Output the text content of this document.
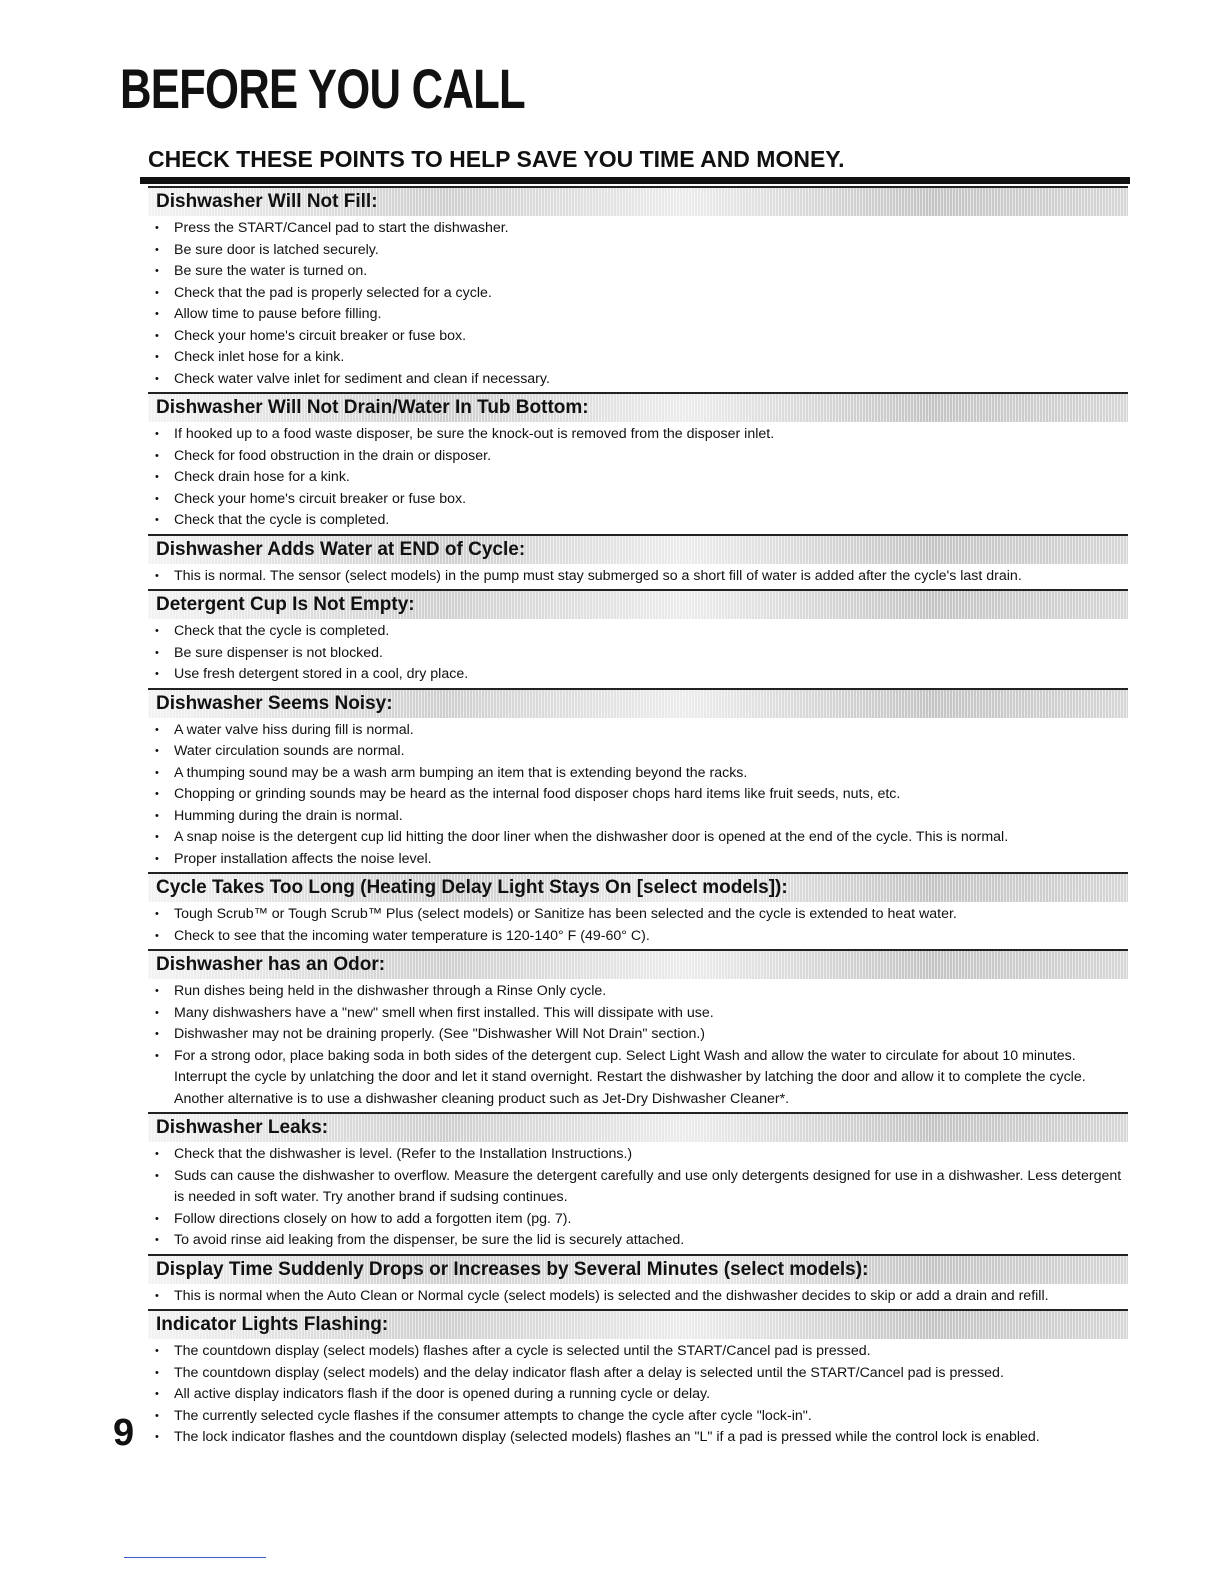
BEFORE YOU CALL
CHECK THESE POINTS TO HELP SAVE YOU TIME AND MONEY.
Dishwasher Will Not Fill:
• Press the START/Cancel pad to start the dishwasher.
• Be sure door is latched securely.
• Be sure the water is turned on.
• Check that the pad is properly selected for a cycle.
• Allow time to pause before filling.
• Check your home's circuit breaker or fuse box.
• Check inlet hose for a kink.
• Check water valve inlet for sediment and clean if necessary.
Dishwasher Will Not Drain/Water In Tub Bottom:
• If hooked up to a food waste disposer, be sure the knock-out is removed from the disposer inlet.
• Check for food obstruction in the drain or disposer.
• Check drain hose for a kink.
• Check your home's circuit breaker or fuse box.
• Check that the cycle is completed.
Dishwasher Adds Water at END of Cycle:
• This is normal. The sensor (select models) in the pump must stay submerged so a short fill of water is added after the cycle's last drain.
Detergent Cup Is Not Empty:
• Check that the cycle is completed.
• Be sure dispenser is not blocked.
• Use fresh detergent stored in a cool, dry place.
Dishwasher Seems Noisy:
• A water valve hiss during fill is normal.
• Water circulation sounds are normal.
• A thumping sound may be a wash arm bumping an item that is extending beyond the racks.
• Chopping or grinding sounds may be heard as the internal food disposer chops hard items like fruit seeds, nuts, etc.
• Humming during the drain is normal.
• A snap noise is the detergent cup lid hitting the door liner when the dishwasher door is opened at the end of the cycle. This is normal.
• Proper installation affects the noise level.
Cycle Takes Too Long (Heating Delay Light Stays On [select models]):
• Tough Scrub™ or Tough Scrub™ Plus (select models) or Sanitize has been selected and the cycle is extended to heat water.
• Check to see that the incoming water temperature is 120-140° F (49-60° C).
Dishwasher has an Odor:
• Run dishes being held in the dishwasher through a Rinse Only cycle.
• Many dishwashers have a "new" smell when first installed. This will dissipate with use.
• Dishwasher may not be draining properly. (See "Dishwasher Will Not Drain" section.)
• For a strong odor, place baking soda in both sides of the detergent cup. Select Light Wash and allow the water to circulate for about 10 minutes. Interrupt the cycle by unlatching the door and let it stand overnight. Restart the dishwasher by latching the door and allow it to complete the cycle. Another alternative is to use a dishwasher cleaning product such as Jet-Dry Dishwasher Cleaner*.
Dishwasher Leaks:
• Check that the dishwasher is level. (Refer to the Installation Instructions.)
• Suds can cause the dishwasher to overflow. Measure the detergent carefully and use only detergents designed for use in a dishwasher. Less detergent is needed in soft water. Try another brand if sudsing continues.
• Follow directions closely on how to add a forgotten item (pg. 7).
• To avoid rinse aid leaking from the dispenser, be sure the lid is securely attached.
Display Time Suddenly Drops or Increases by Several Minutes (select models):
• This is normal when the Auto Clean or Normal cycle (select models) is selected and the dishwasher decides to skip or add a drain and refill.
Indicator Lights Flashing:
• The countdown display (select models) flashes after a cycle is selected until the START/Cancel pad is pressed.
• The countdown display (select models) and the delay indicator flash after a delay is selected until the START/Cancel pad is pressed.
• All active display indicators flash if the door is opened during a running cycle or delay.
• The currently selected cycle flashes if the consumer attempts to change the cycle after cycle "lock-in".
• The lock indicator flashes and the countdown display (selected models) flashes an "L" if a pad is pressed while the control lock is enabled.
9
